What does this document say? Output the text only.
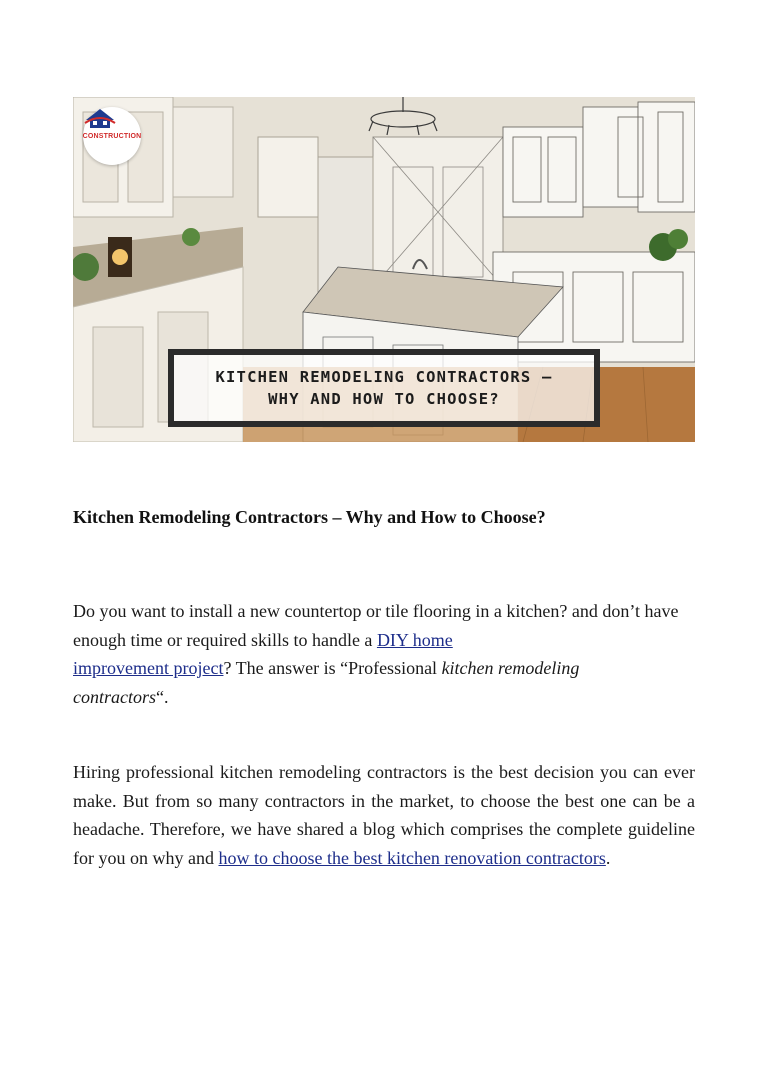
CONSTRUCTION
KITCHEN REMODELING CONTRACTORS –
WHY AND HOW TO CHOOSE?
Kitchen Remodeling Contractors – Why and How to Choose?

Do you want to install a new countertop or tile flooring in a kitchen? and don’t have enough time or required skills to handle a DIY home
improvement project? The answer is “Professional kitchen remodeling
contractors“.

Hiring professional kitchen remodeling contractors is the best decision you can ever make. But from so many contractors in the market, to choose the best one can be a headache. Therefore, we have shared a blog which comprises the complete guideline for you on why and how to choose the best kitchen renovation contractors.
